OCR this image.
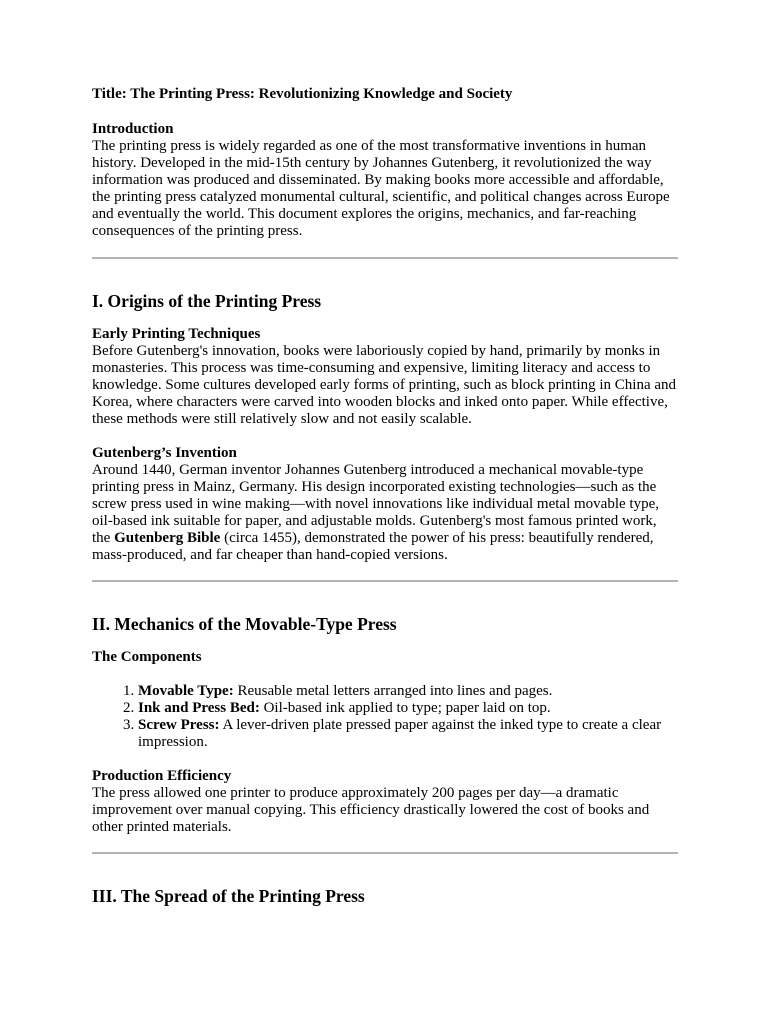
Title: The Printing Press: Revolutionizing Knowledge and Society

Introduction

The printing press is widely regarded as one of the most transformative inventions in human history. Developed in the mid-15th century by Johannes Gutenberg, it revolutionized the way information was produced and disseminated. By making books more accessible and affordable, the printing press catalyzed monumental cultural, scientific, and political changes across Europe and eventually the world. This document explores the origins, mechanics, and far-reaching consequences of the printing press.

I. Origins of the Printing Press

Early Printing Techniques

Before Gutenberg's innovation, books were laboriously copied by hand, primarily by monks in monasteries. This process was time-consuming and expensive, limiting literacy and access to knowledge. Some cultures developed early forms of printing, such as block printing in China and Korea, where characters were carved into wooden blocks and inked onto paper. While effective, these methods were still relatively slow and not easily scalable.

Gutenberg’s Invention

Around 1440, German inventor Johannes Gutenberg introduced a mechanical movable-type printing press in Mainz, Germany. His design incorporated existing technologies—such as the screw press used in wine making—with novel innovations like individual metal movable type, oil-based ink suitable for paper, and adjustable molds. Gutenberg's most famous printed work, the Gutenberg Bible (circa 1455), demonstrated the power of his press: beautifully rendered, mass-produced, and far cheaper than hand-copied versions.

II. Mechanics of the Movable-Type Press

The Components

1. Movable Type: Reusable metal letters arranged into lines and pages.
2. Ink and Press Bed: Oil-based ink applied to type; paper laid on top.
3. Screw Press: A lever-driven plate pressed paper against the inked type to create a clear impression.

Production Efficiency

The press allowed one printer to produce approximately 200 pages per day—a dramatic improvement over manual copying. This efficiency drastically lowered the cost of books and other printed materials.

III. The Spread of the Printing Press
